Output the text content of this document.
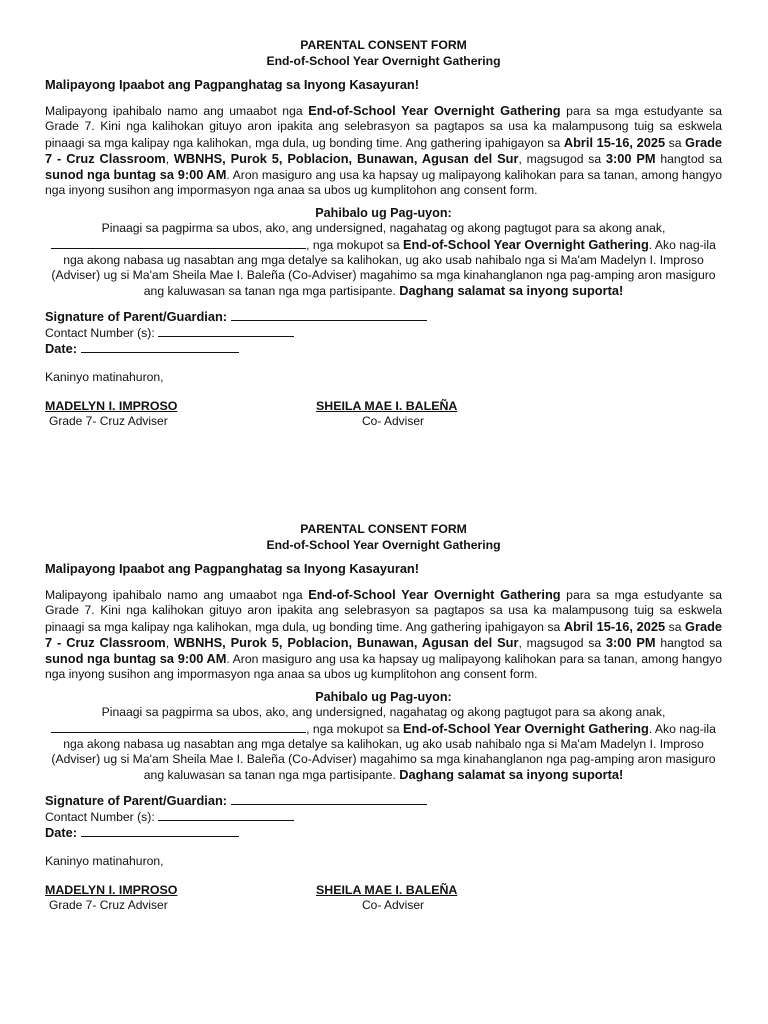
PARENTAL CONSENT FORM
End-of-School Year Overnight Gathering
Malipayong Ipaabot ang Pagpanghatag sa Inyong Kasayuran!
Malipayong ipahibalo namo ang umaabot nga End-of-School Year Overnight Gathering para sa mga estudyante sa Grade 7. Kini nga kalihokan gituyo aron ipakita ang selebrasyon sa pagtapos sa usa ka malampusong tuig sa eskwela pinaagi sa mga kalipay nga kalihokan, mga dula, ug bonding time. Ang gathering ipahigayon sa Abril 15-16, 2025 sa Grade 7 - Cruz Classroom, WBNHS, Purok 5, Poblacion, Bunawan, Agusan del Sur, magsugod sa 3:00 PM hangtod sa sunod nga buntag sa 9:00 AM. Aron masiguro ang usa ka hapsay ug malipayong kalihokan para sa tanan, among hangyo nga inyong susihon ang impormasyon nga anaa sa ubos ug kumplitohon ang consent form.
Pahibalo ug Pag-uyon:
Pinaagi sa pagpirma sa ubos, ako, ang undersigned, nagahatag og akong pagtugot para sa akong anak,
, nga mokupot sa End-of-School Year Overnight Gathering. Ako nag-ila nga akong nabasa ug nasabtan ang mga detalye sa kalihokan, ug ako usab nahibalo nga si Ma'am Madelyn I. Improso (Adviser) ug si Ma'am Sheila Mae I. Baleña (Co-Adviser) magahimo sa mga kinahanglanon nga pag-amping aron masiguro ang kaluwasan sa tanan nga mga partisipante. Daghang salamat sa inyong suporta!
Signature of Parent/Guardian:
Contact Number (s):
Date:
Kaninyo matinahuron,
MADELYN I. IMPROSO
Grade 7- Cruz Adviser
SHEILA MAE I. BALEÑA
Co- Adviser
PARENTAL CONSENT FORM
End-of-School Year Overnight Gathering
Malipayong Ipaabot ang Pagpanghatag sa Inyong Kasayuran!
Malipayong ipahibalo namo ang umaabot nga End-of-School Year Overnight Gathering para sa mga estudyante sa Grade 7. Kini nga kalihokan gituyo aron ipakita ang selebrasyon sa pagtapos sa usa ka malampusong tuig sa eskwela pinaagi sa mga kalipay nga kalihokan, mga dula, ug bonding time. Ang gathering ipahigayon sa Abril 15-16, 2025 sa Grade 7 - Cruz Classroom, WBNHS, Purok 5, Poblacion, Bunawan, Agusan del Sur, magsugod sa 3:00 PM hangtod sa sunod nga buntag sa 9:00 AM. Aron masiguro ang usa ka hapsay ug malipayong kalihokan para sa tanan, among hangyo nga inyong susihon ang impormasyon nga anaa sa ubos ug kumplitohon ang consent form.
Pahibalo ug Pag-uyon:
Pinaagi sa pagpirma sa ubos, ako, ang undersigned, nagahatag og akong pagtugot para sa akong anak,
, nga mokupot sa End-of-School Year Overnight Gathering. Ako nag-ila nga akong nabasa ug nasabtan ang mga detalye sa kalihokan, ug ako usab nahibalo nga si Ma'am Madelyn I. Improso (Adviser) ug si Ma'am Sheila Mae I. Baleña (Co-Adviser) magahimo sa mga kinahanglanon nga pag-amping aron masiguro ang kaluwasan sa tanan nga mga partisipante. Daghang salamat sa inyong suporta!
Signature of Parent/Guardian:
Contact Number (s):
Date:
Kaninyo matinahuron,
MADELYN I. IMPROSO
Grade 7- Cruz Adviser
SHEILA MAE I. BALEÑA
Co- Adviser
